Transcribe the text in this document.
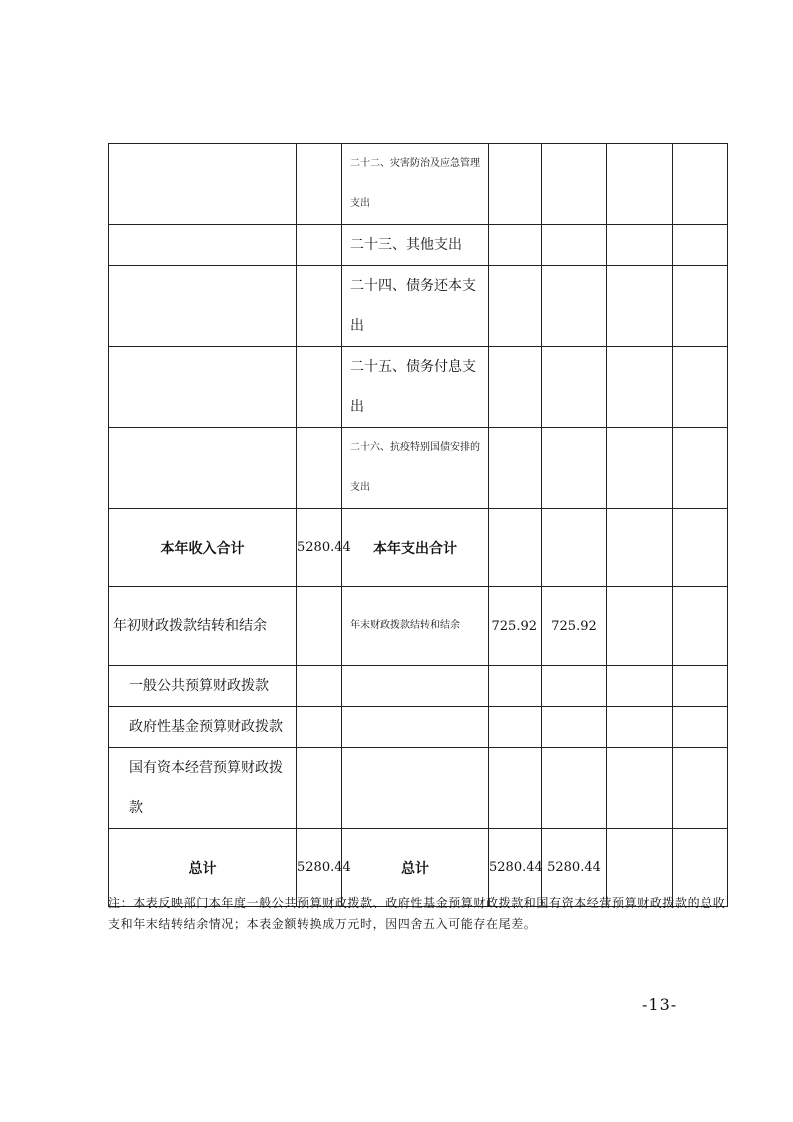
		二十二、灾害防治及应急管理支出				
		二十三、其他支出				
		二十四、债务还本支出				
		二十五、债务付息支出				
		二十六、抗疫特别国债安排的支出				
本年收入合计	5280.44	本年支出合计				
年初财政拨款结转和结余		年末财政拨款结转和结余	725.92	725.92		
一般公共预算财政拨款						
政府性基金预算财政拨款						
国有资本经营预算财政拨款						
总计	5280.44	总计	5280.44	5280.44		
注：本表反映部门本年度一般公共预算财政拨款、政府性基金预算财政拨款和国有资本经营预算财政拨款的总收支和年末结转结余情况；本表金额转换成万元时，因四舍五入可能存在尾差。
-13-
